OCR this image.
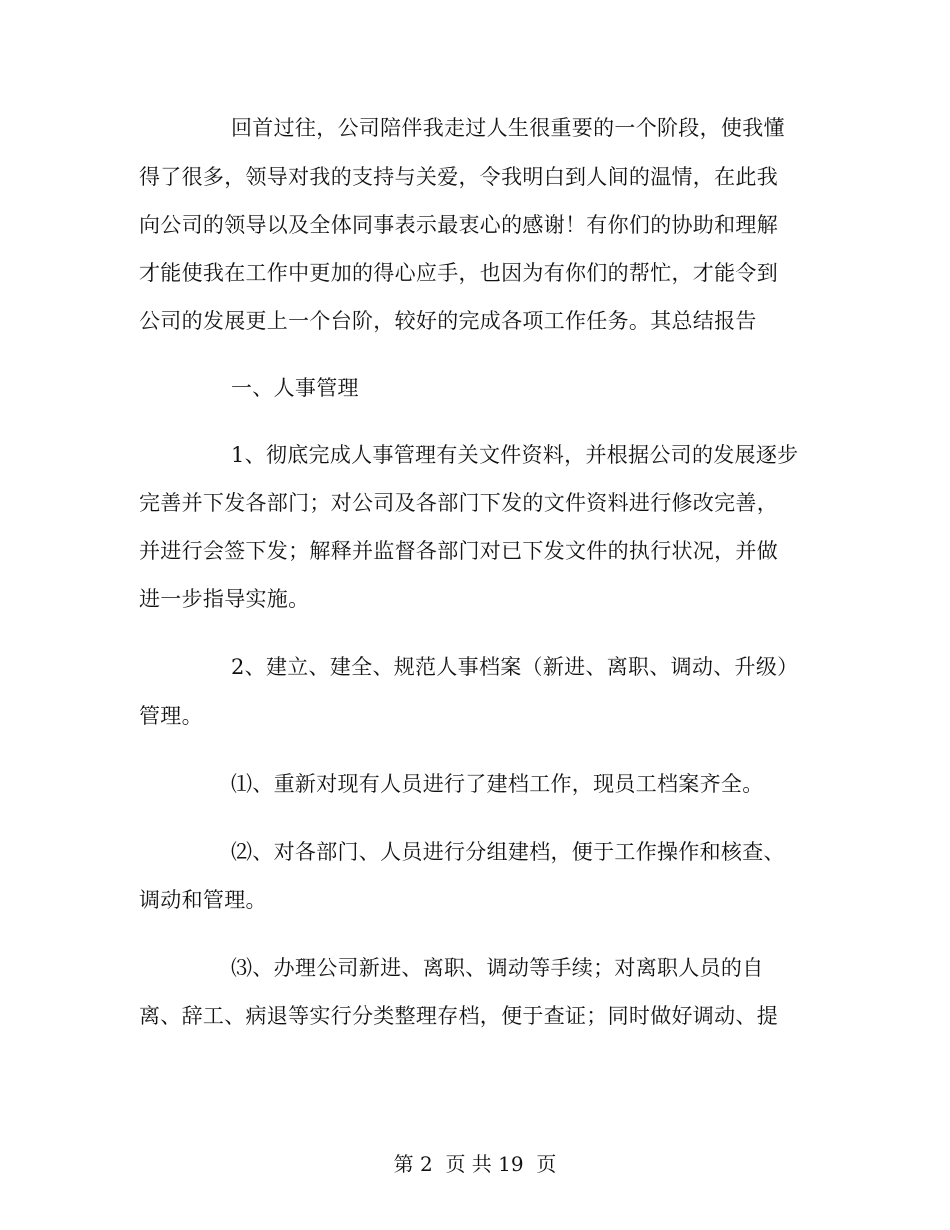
回首过往，公司陪伴我走过人生很重要的一个阶段，使我懂
得了很多，领导对我的支持与关爱，令我明白到人间的温情，在此我
向公司的领导以及全体同事表示最衷心的感谢！有你们的协助和理解
才能使我在工作中更加的得心应手，也因为有你们的帮忙，才能令到
公司的发展更上一个台阶，较好的完成各项工作任务。其总结报告
一、人事管理
1、彻底完成人事管理有关文件资料，并根据公司的发展逐步
完善并下发各部门；对公司及各部门下发的文件资料进行修改完善，
并进行会签下发；解释并监督各部门对已下发文件的执行状况，并做
进一步指导实施。
2、建立、建全、规范人事档案（新进、离职、调动、升级）
管理。
⑴、重新对现有人员进行了建档工作，现员工档案齐全。
⑵、对各部门、人员进行分组建档，便于工作操作和核查、
调动和管理。
⑶、办理公司新进、离职、调动等手续；对离职人员的自
离、辞工、病退等实行分类整理存档，便于查证；同时做好调动、提
第 2  页 共 19  页
